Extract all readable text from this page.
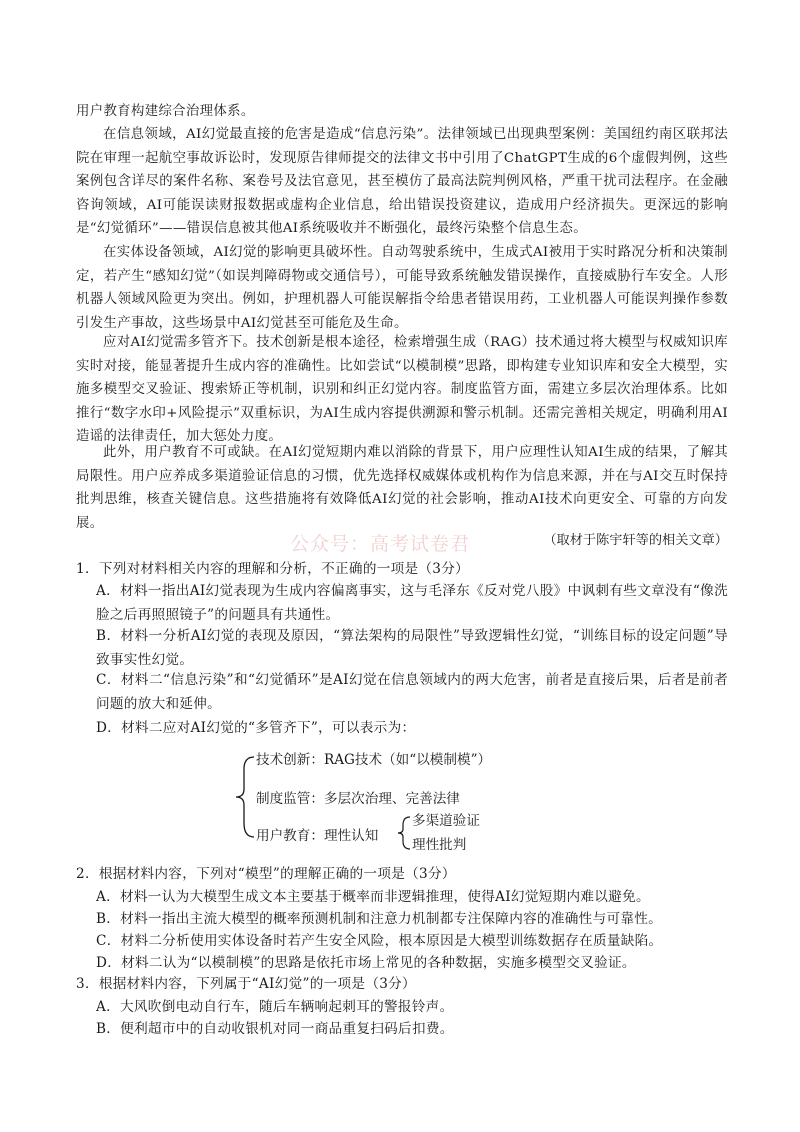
用户教育构建综合治理体系。

在信息领域，AI幻觉最直接的危害是造成“信息污染”。法律领域已出现典型案例：美国纽约南区联邦法院在审理一起航空事故诉讼时，发现原告律师提交的法律文书中引用了ChatGPT生成的6个虚假判例，这些案例包含详尽的案件名称、案卷号及法官意见，甚至模仿了最高法院判例风格，严重干扰司法程序。在金融咨询领域，AI可能误读财报数据或虚构企业信息，给出错误投资建议，造成用户经济损失。更深远的影响是“幻觉循环”——错误信息被其他AI系统吸收并不断强化，最终污染整个信息生态。

在实体设备领域，AI幻觉的影响更具破坏性。自动驾驶系统中，生成式AI被用于实时路况分析和决策制定，若产生“感知幻觉”（如误判障碍物或交通信号），可能导致系统触发错误操作，直接威胁行车安全。人形机器人领域风险更为突出。例如，护理机器人可能误解指令给患者错误用药，工业机器人可能误判操作参数引发生产事故，这些场景中AI幻觉甚至可能危及生命。

应对AI幻觉需多管齐下。技术创新是根本途径，检索增强生成（RAG）技术通过将大模型与权威知识库实时对接，能显著提升生成内容的准确性。比如尝试“以模制模”思路，即构建专业知识库和安全大模型，实施多模型交叉验证、搜索矫正等机制，识别和纠正幻觉内容。制度监管方面，需建立多层次治理体系。比如推行“数字水印+风险提示”双重标识，为AI生成内容提供溯源和警示机制。还需完善相关规定，明确利用AI造谣的法律责任，加大惩处力度。

此外，用户教育不可或缺。在AI幻觉短期内难以消除的背景下，用户应理性认知AI生成的结果，了解其局限性。用户应养成多渠道验证信息的习惯，优先选择权威媒体或机构作为信息来源，并在与AI交互时保持批判思维，核查关键信息。这些措施将有效降低AI幻觉的社会影响，推动AI技术向更安全、可靠的方向发展。

（取材于陈宇轩等的相关文章）

公众号：高考试卷君

1．下列对材料相关内容的理解和分析，不正确的一项是（3分）

A．材料一指出AI幻觉表现为生成内容偏离事实，这与毛泽东《反对党八股》中讽刺有些文章没有“像洗脸之后再照照镜子”的问题具有共通性。

B．材料一分析AI幻觉的表现及原因，“算法架构的局限性”导致逻辑性幻觉，“训练目标的设定问题”导致事实性幻觉。

C．材料二“信息污染”和“幻觉循环”是AI幻觉在信息领域内的两大危害，前者是直接后果，后者是前者问题的放大和延伸。

D．材料二应对AI幻觉的“多管齐下”，可以表示为：

技术创新：RAG技术（如“以模制模”）
制度监管：多层次治理、完善法律
用户教育：理性认知
多渠道验证
理性批判

2．根据材料内容，下列对“模型”的理解正确的一项是（3分）

A．材料一认为大模型生成文本主要基于概率而非逻辑推理，使得AI幻觉短期内难以避免。

B．材料一指出主流大模型的概率预测机制和注意力机制都专注保障内容的准确性与可靠性。

C．材料二分析使用实体设备时若产生安全风险，根本原因是大模型训练数据存在质量缺陷。

D．材料二认为“以模制模”的思路是依托市场上常见的各种数据，实施多模型交叉验证。

3．根据材料内容，下列属于“AI幻觉”的一项是（3分）

A．大风吹倒电动自行车，随后车辆响起刺耳的警报铃声。

B．便利超市中的自动收银机对同一商品重复扫码后扣费。
